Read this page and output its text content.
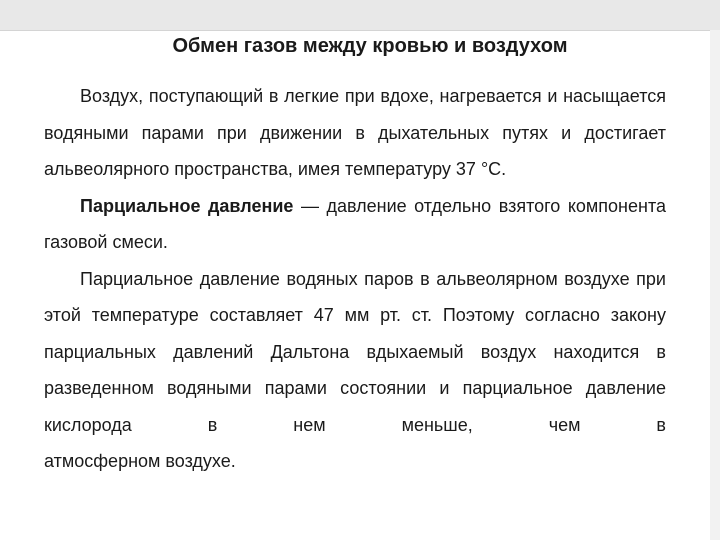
Обмен газов между кровью и воздухом

Воздух, поступающий в легкие при вдохе, нагревается и насыщается водяными парами при движении в дыхательных путях и достигает альвеолярного пространства, имея температуру 37 °С.

Парциальное давление — давление отдельно взятого компонента газовой смеси.

Парциальное давление водяных паров в альвеолярном воздухе при этой температуре составляет 47 мм рт. ст. Поэтому согласно закону парциальных давлений Дальтона вдыхаемый воздух находится в разведенном водяными парами состоянии и парциальное давление кислорода в нем меньше, чем в

атмосферном воздухе.
